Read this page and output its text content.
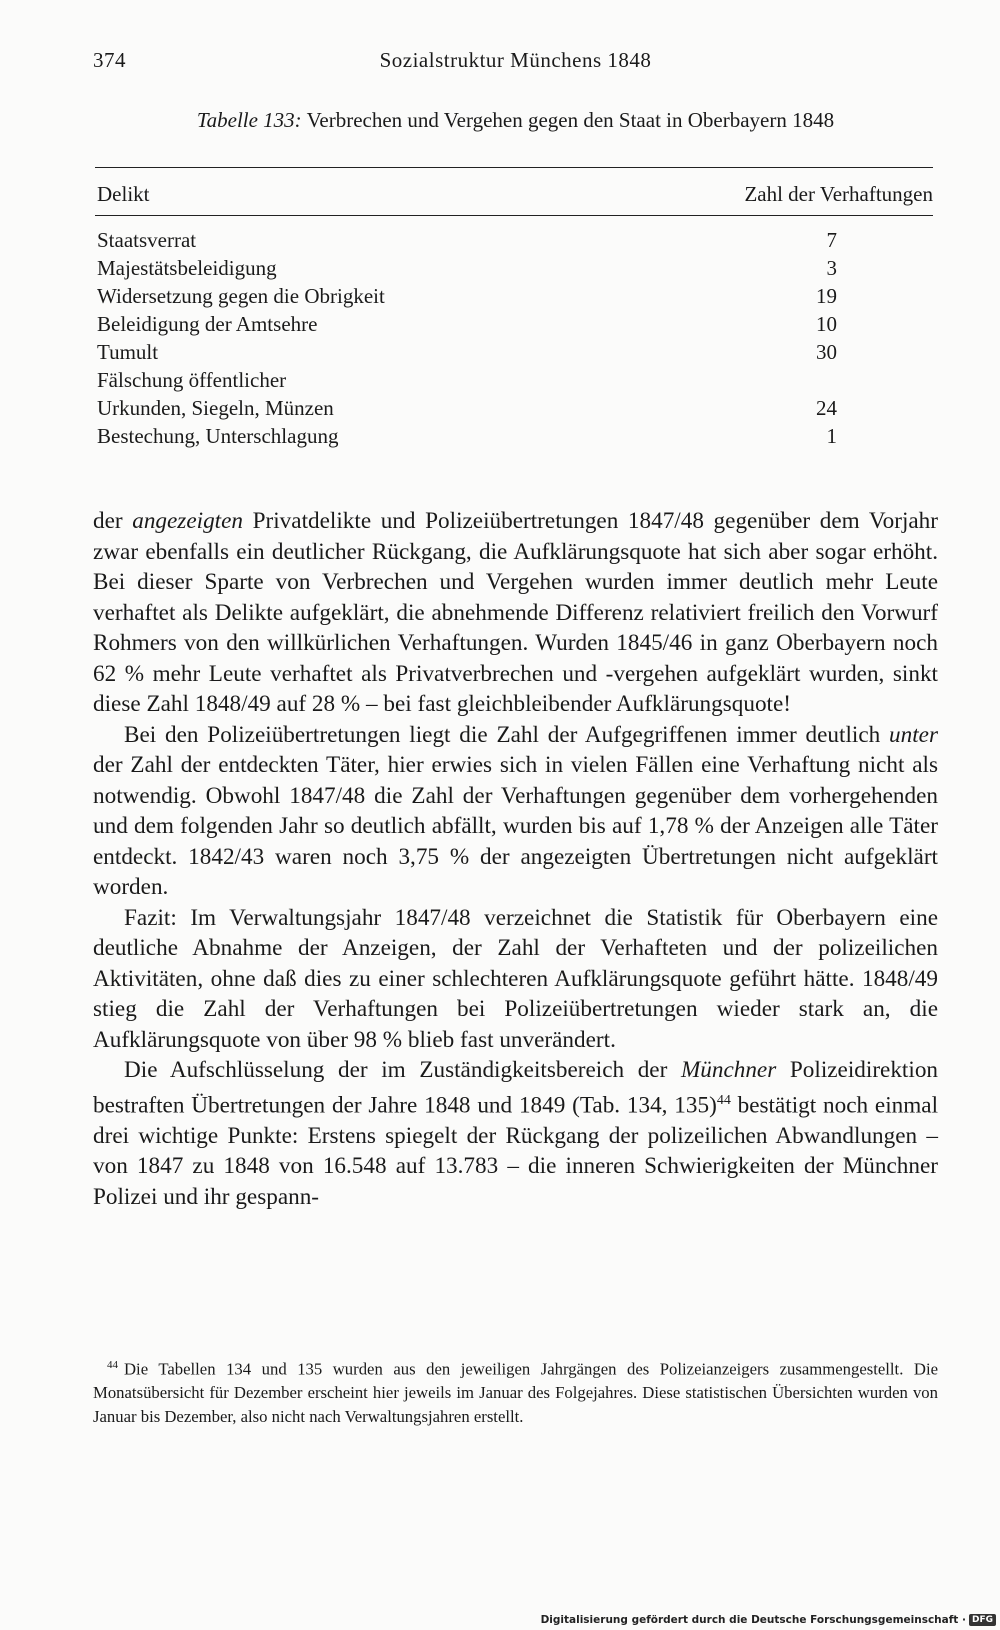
374	Sozialstruktur Münchens 1848
Tabelle 133: Verbrechen und Vergehen gegen den Staat in Oberbayern 1848
Delikt	Zahl der Verhaftungen
Staatsverrat	7
Majestätsbeleidigung	3
Widersetzung gegen die Obrigkeit	19
Beleidigung der Amtsehre	10
Tumult	30
Fälschung öffentlicher
Urkunden, Siegeln, Münzen	24
Bestechung, Unterschlagung	1

der angezeigten Privatdelikte und Polizeiübertretungen 1847/48 gegenüber dem Vorjahr zwar ebenfalls ein deutlicher Rückgang, die Aufklärungsquote hat sich aber sogar erhöht. Bei dieser Sparte von Verbrechen und Vergehen wurden immer deutlich mehr Leute verhaftet als Delikte aufgeklärt, die abnehmende Differenz relativiert freilich den Vorwurf Rohmers von den willkürlichen Verhaftungen. Wurden 1845/46 in ganz Oberbayern noch 62 % mehr Leute verhaftet als Privatverbrechen und -vergehen aufgeklärt wurden, sinkt diese Zahl 1848/49 auf 28 % – bei fast gleichbleibender Aufklärungsquote!

Bei den Polizeiübertretungen liegt die Zahl der Aufgegriffenen immer deutlich unter der Zahl der entdeckten Täter, hier erwies sich in vielen Fällen eine Verhaftung nicht als notwendig. Obwohl 1847/48 die Zahl der Verhaftungen gegenüber dem vorhergehenden und dem folgenden Jahr so deutlich abfällt, wurden bis auf 1,78 % der Anzeigen alle Täter entdeckt. 1842/43 waren noch 3,75 % der angezeigten Übertretungen nicht aufgeklärt worden.

Fazit: Im Verwaltungsjahr 1847/48 verzeichnet die Statistik für Oberbayern eine deutliche Abnahme der Anzeigen, der Zahl der Verhafteten und der polizeilichen Aktivitäten, ohne daß dies zu einer schlechteren Aufklärungsquote geführt hätte. 1848/49 stieg die Zahl der Verhaftungen bei Polizeiübertretungen wieder stark an, die Aufklärungsquote von über 98 % blieb fast unverändert.

Die Aufschlüsselung der im Zuständigkeitsbereich der Münchner Polizeidirektion bestraften Übertretungen der Jahre 1848 und 1849 (Tab. 134, 135)$^{44}$ bestätigt noch einmal drei wichtige Punkte: Erstens spiegelt der Rückgang der polizeilichen Abwandlungen – von 1847 zu 1848 von 16.548 auf 13.783 – die inneren Schwierigkeiten der Münchner Polizei und ihr gespann-

$^{44}$ Die Tabellen 134 und 135 wurden aus den jeweiligen Jahrgängen des Polizeianzeigers zusammengestellt. Die Monatsübersicht für Dezember erscheint hier jeweils im Januar des Folgejahres. Diese statistischen Übersichten wurden von Januar bis Dezember, also nicht nach Verwaltungsjahren erstellt.
Digitalisierung gefördert durch die Deutsche Forschungsgemeinschaft · DFG
